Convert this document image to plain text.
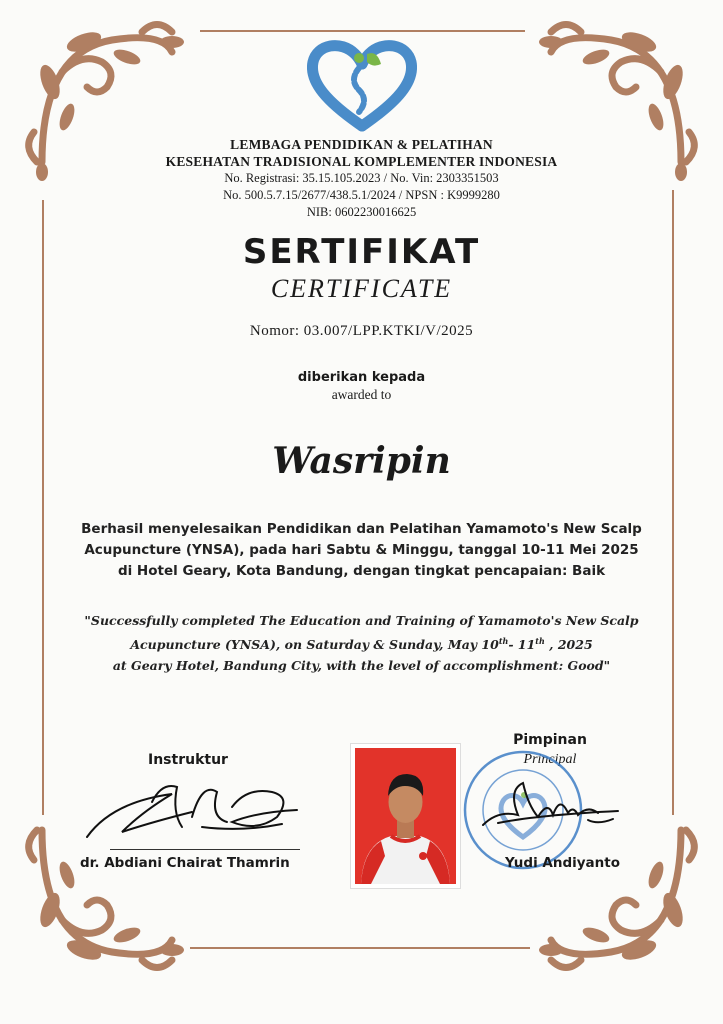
LEMBAGA PENDIDIKAN & PELATIHAN
KESEHATAN TRADISIONAL KOMPLEMENTER INDONESIA
No. Registrasi: 35.15.105.2023 / No. Vin: 2303351503
No. 500.5.7.15/2677/438.5.1/2024 / NPSN : K9999280
NIB: 0602230016625
SERTIFIKAT
CERTIFICATE
Nomor: 03.007/LPP.KTKI/V/2025
diberikan kepada
awarded to
Wasripin
Berhasil menyelesaikan Pendidikan dan Pelatihan Yamamoto's New Scalp
Acupuncture (YNSA), pada hari Sabtu & Minggu, tanggal 10-11 Mei 2025
di Hotel Geary, Kota Bandung, dengan tingkat pencapaian: Baik
"Successfully completed The Education and Training of Yamamoto's New Scalp
Acupuncture (YNSA), on Saturday & Sunday, May 10th- 11th , 2025
at Geary Hotel, Bandung City, with the level of accomplishment: Good"
Instruktur
dr. Abdiani Chairat Thamrin
Pimpinan
Principal
Yudi Andiyanto
